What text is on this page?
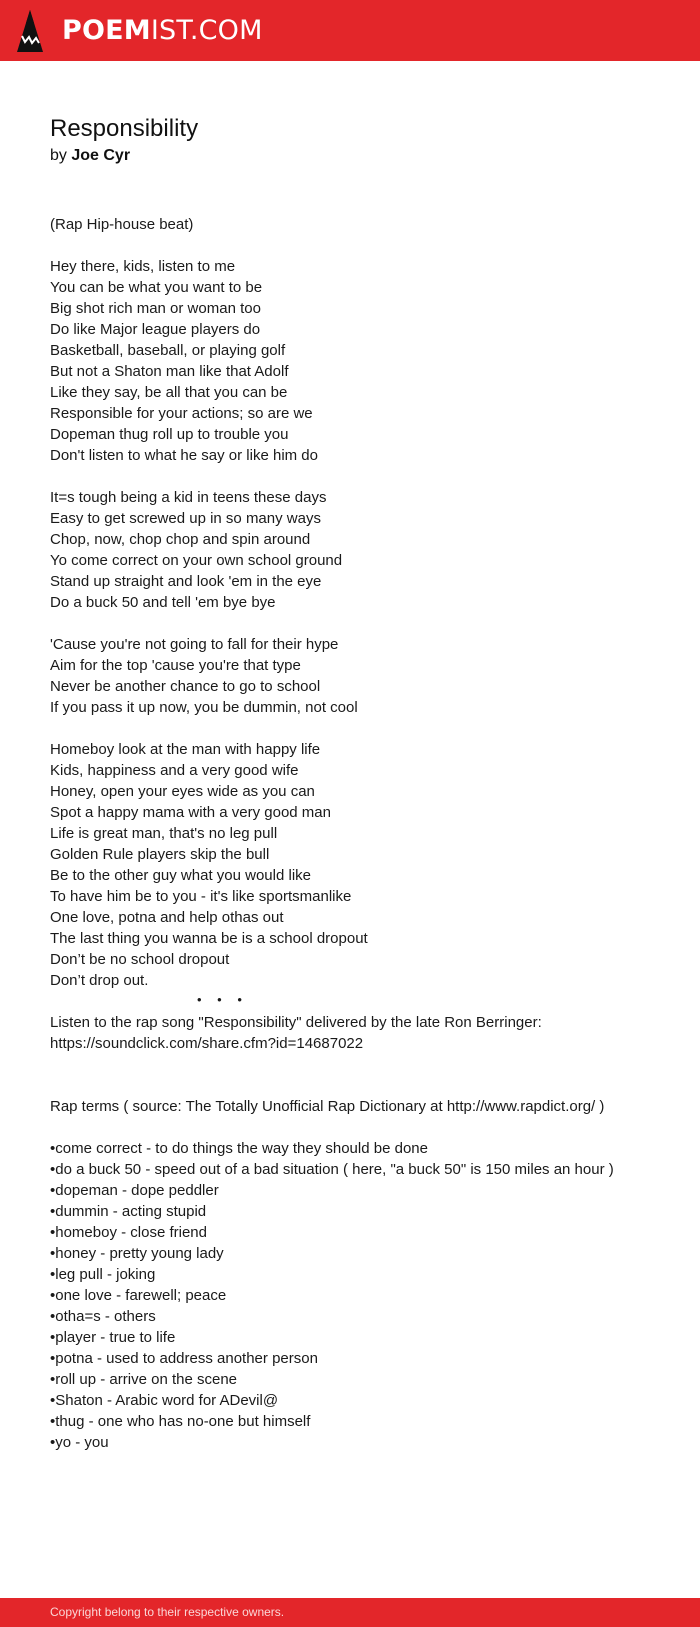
POEMIST.COM
Responsibility
by Joe Cyr
(Rap Hip-house beat)
Hey there, kids, listen to me
You can be what you want to be
Big shot rich man or woman too
Do like Major league players do
Basketball, baseball, or playing golf
But not a Shaton man like that Adolf
Like they say, be all that you can be
Responsible for your actions; so are we
Dopeman thug roll up to trouble you
Don't listen to what he say or like him do
It=s tough being a kid in teens these days
Easy to get screwed up in so many ways
Chop, now, chop chop and spin around
Yo come correct on your own school ground
Stand up straight and look 'em in the eye
Do a buck 50 and tell 'em bye bye
'Cause you're not going to fall for their hype
Aim for the top 'cause you're that type
Never be another chance to go to school
If you pass it up now, you be dummin, not cool
Homeboy look at the man with happy life
Kids, happiness and a very good wife
Honey, open your eyes wide as you can
Spot a happy mama with a very good man
Life is great man, that's no leg pull
Golden Rule players skip the bull
Be to the other guy what you would like
To have him be to you - it's like sportsmanlike
One love, potna and help othas out
The last thing you wanna be is a school dropout
Don’t be no school dropout
Don’t drop out.
• • •
Listen to the rap song "Responsibility" delivered by the late Ron Berringer:
https://soundclick.com/share.cfm?id=14687022
Rap terms ( source: The Totally Unofficial Rap Dictionary at http://www.rapdict.org/ )
•come correct - to do things the way they should be done
•do a buck 50 - speed out of a bad situation ( here, "a buck 50" is 150 miles an hour )
•dopeman - dope peddler
•dummin - acting stupid
•homeboy - close friend
•honey - pretty young lady
•leg pull - joking
•one love - farewell; peace
•otha=s - others
•player - true to life
•potna - used to address another person
•roll up - arrive on the scene
•Shaton - Arabic word for ADevil@
•thug - one who has no-one but himself
•yo - you
Copyright belong to their respective owners.
